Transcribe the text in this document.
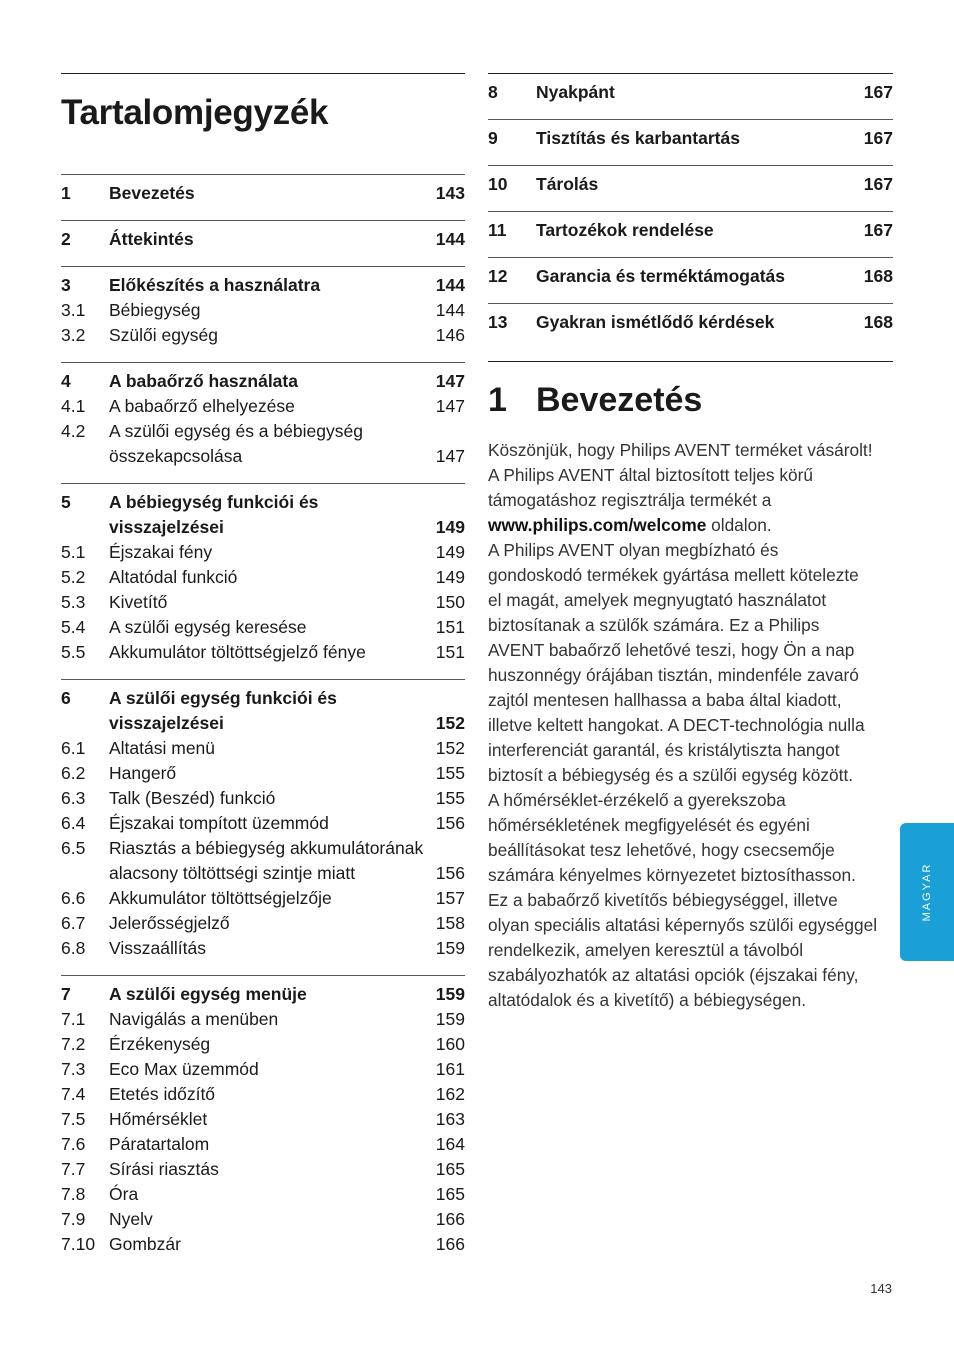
Tartalomjegyzék
1	Bevezetés	143
2	Áttekintés	144
3	Előkészítés a használatra	144
3.1	Bébiegység	144
3.2	Szülői egység	146
4	A babaőrző használata	147
4.1	A babaőrző elhelyezése	147
4.2	A szülői egység és a bébiegység
összekapcsolása	147
5	A bébiegység funkciói és
visszajelzései	149
5.1	Éjszakai fény	149
5.2	Altatódal funkció	149
5.3	Kivetítő	150
5.4	A szülői egység keresése	151
5.5	Akkumulátor töltöttségjelző fénye	151
6	A szülői egység funkciói és
visszajelzései	152
6.1	Altatási menü	152
6.2	Hangerő	155
6.3	Talk (Beszéd) funkció	155
6.4	Éjszakai tompított üzemmód	156
6.5	Riasztás a bébiegység akkumulátorának
alacsony töltöttségi szintje miatt	156
6.6	Akkumulátor töltöttségjelzője	157
6.7	Jelerősségjelző	158
6.8	Visszaállítás	159
7	A szülői egység menüje	159
7.1	Navigálás a menüben	159
7.2	Érzékenység	160
7.3	Eco Max üzemmód	161
7.4	Etetés időzítő	162
7.5	Hőmérséklet	163
7.6	Páratartalom	164
7.7	Sírási riasztás	165
7.8	Óra	165
7.9	Nyelv	166
7.10 Gombzár	166
8	Nyakpánt	167
9	Tisztítás és karbantartás	167
10	Tárolás	167
11	Tartozékok rendelése	167
12	Garancia és terméktámogatás	168
13	Gyakran ismétlődő kérdések	168
1 Bevezetés

Köszönjük, hogy Philips AVENT terméket vásárolt!

A Philips AVENT által biztosított teljes körű

támogatáshoz regisztrálja termékét a

www.philips.com/welcome oldalon.

A Philips AVENT olyan megbízható és

gondoskodó termékek gyártása mellett kötelezte

el magát, amelyek megnyugtató használatot

biztosítanak a szülők számára. Ez a Philips

AVENT babaőrző lehetővé teszi, hogy Ön a nap

huszonnégy órájában tisztán, mindenféle zavaró

zajtól mentesen hallhassa a baba által kiadott,

illetve keltett hangokat. A DECT-technológia nulla

interferenciát garantál, és kristálytiszta hangot

biztosít a bébiegység és a szülői egység között.

A hőmérséklet-érzékelő a gyerekszoba

hőmérsékletének megfigyelését és egyéni

beállításokat tesz lehetővé, hogy csecsemője

számára kényelmes környezetet biztosíthasson.

Ez a babaőrző kivetítős bébiegységgel, illetve

olyan speciális altatási képernyős szülői egységgel

rendelkezik, amelyen keresztül a távolból

szabályozhatók az altatási opciók (éjszakai fény,

altatódalok és a kivetítő) a bébiegységen.

MAGYAR
143
